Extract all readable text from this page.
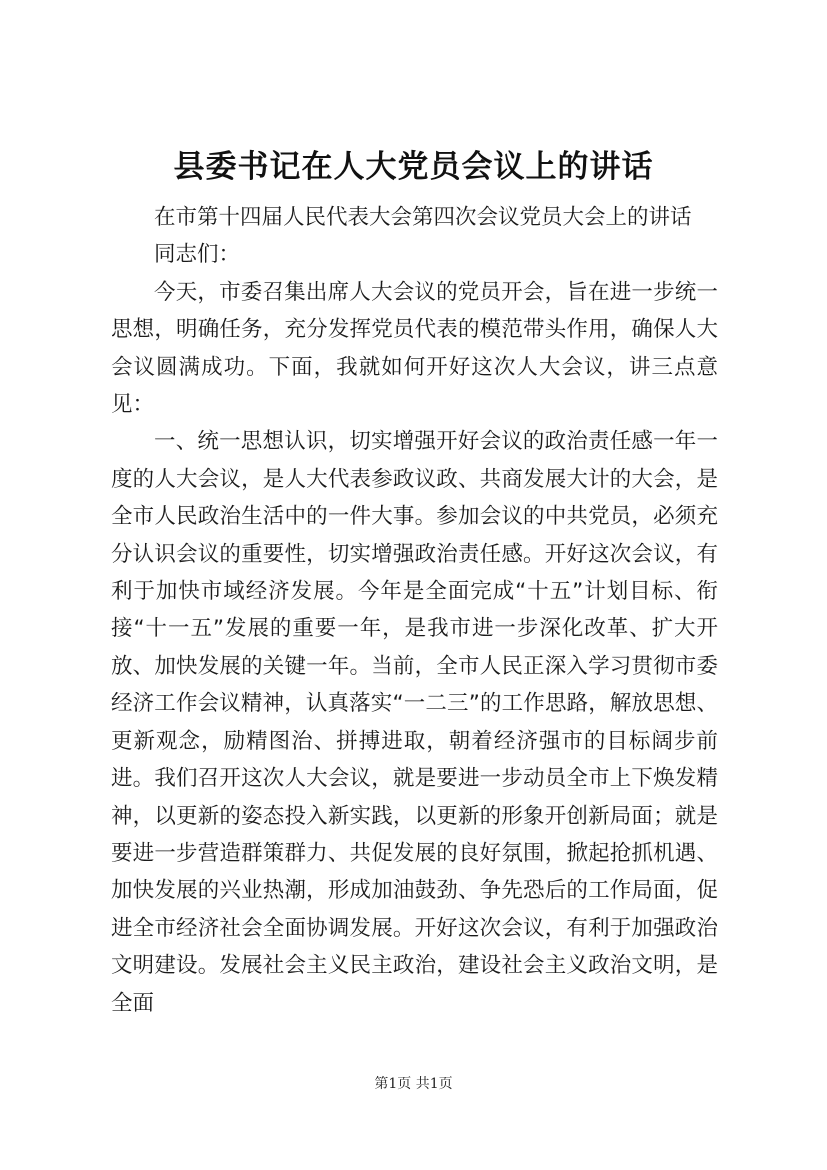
县委书记在人大党员会议上的讲话

在市第十四届人民代表大会第四次会议党员大会上的讲话

同志们：

今天，市委召集出席人大会议的党员开会，旨在进一步统一思想，明确任务，充分发挥党员代表的模范带头作用，确保人大会议圆满成功。下面，我就如何开好这次人大会议，讲三点意见：

一、统一思想认识，切实增强开好会议的政治责任感一年一度的人大会议，是人大代表参政议政、共商发展大计的大会，是全市人民政治生活中的一件大事。参加会议的中共党员，必须充分认识会议的重要性，切实增强政治责任感。开好这次会议，有利于加快市域经济发展。今年是全面完成“十五”计划目标、衔接“十一五”发展的重要一年，是我市进一步深化改革、扩大开放、加快发展的关键一年。当前，全市人民正深入学习贯彻市委经济工作会议精神，认真落实“一二三”的工作思路，解放思想、更新观念，励精图治、拼搏进取，朝着经济强市的目标阔步前进。我们召开这次人大会议，就是要进一步动员全市上下焕发精神，以更新的姿态投入新实践，以更新的形象开创新局面；就是要进一步营造群策群力、共促发展的良好氛围，掀起抢抓机遇、加快发展的兴业热潮，形成加油鼓劲、争先恐后的工作局面，促进全市经济社会全面协调发展。开好这次会议，有利于加强政治文明建设。发展社会主义民主政治，建设社会主义政治文明，是全面

第1页 共1页
